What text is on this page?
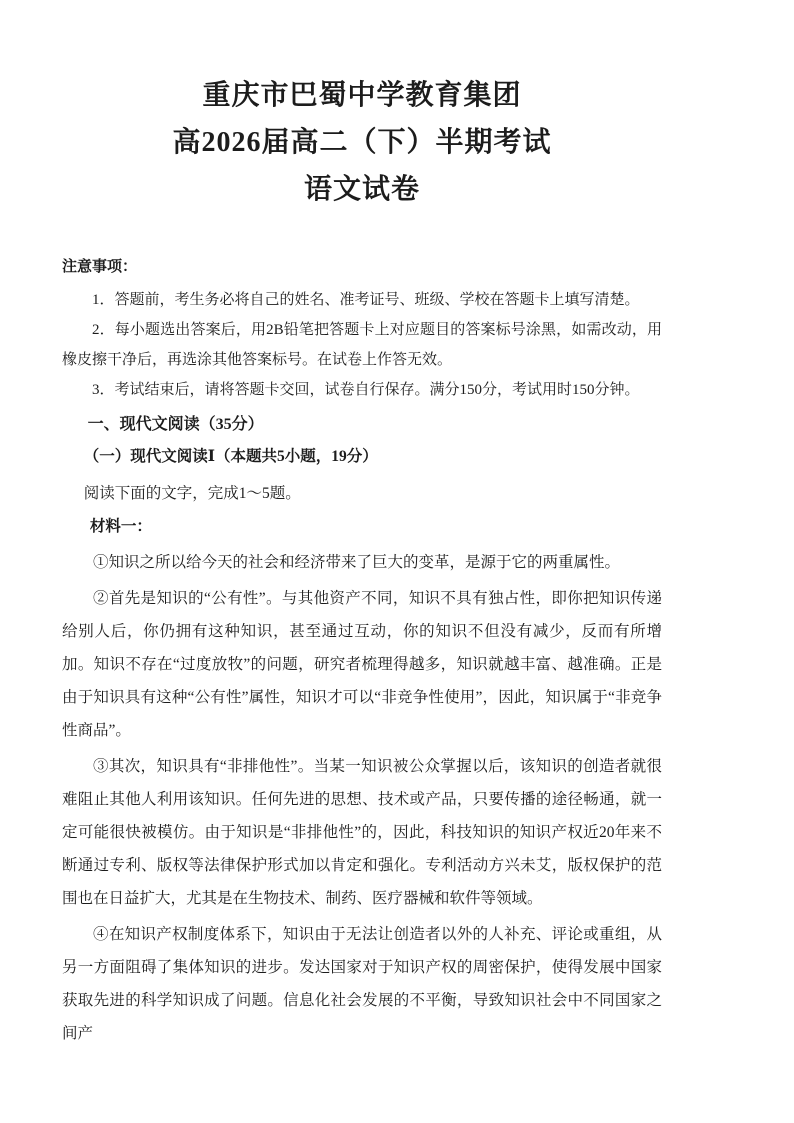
重庆市巴蜀中学教育集团
高2026届高二（下）半期考试
语文试卷

注意事项：

1．答题前，考生务必将自己的姓名、准考证号、班级、学校在答题卡上填写清楚。

2．每小题选出答案后，用2B铅笔把答题卡上对应题目的答案标号涂黑，如需改动，用橡皮擦干净后，再选涂其他答案标号。在试卷上作答无效。

3．考试结束后，请将答题卡交回，试卷自行保存。满分150分，考试用时150分钟。

一、现代文阅读（35分）

（一）现代文阅读Ⅰ（本题共5小题，19分）

阅读下面的文字，完成1～5题。

材料一：

①知识之所以给今天的社会和经济带来了巨大的变革，是源于它的两重属性。

②首先是知识的“公有性”。与其他资产不同，知识不具有独占性，即你把知识传递给别人后，你仍拥有这种知识，甚至通过互动，你的知识不但没有减少，反而有所增加。知识不存在“过度放牧”的问题，研究者梳理得越多，知识就越丰富、越准确。正是由于知识具有这种“公有性”属性，知识才可以“非竞争性使用”，因此，知识属于“非竞争性商品”。

③其次，知识具有“非排他性”。当某一知识被公众掌握以后，该知识的创造者就很难阻止其他人利用该知识。任何先进的思想、技术或产品，只要传播的途径畅通，就一定可能很快被模仿。由于知识是“非排他性”的，因此，科技知识的知识产权近20年来不断通过专利、版权等法律保护形式加以肯定和强化。专利活动方兴未艾，版权保护的范围也在日益扩大，尤其是在生物技术、制药、医疗器械和软件等领域。

④在知识产权制度体系下，知识由于无法让创造者以外的人补充、评论或重组，从另一方面阻碍了集体知识的进步。发达国家对于知识产权的周密保护，使得发展中国家获取先进的科学知识成了问题。信息化社会发展的不平衡，导致知识社会中不同国家之间产
